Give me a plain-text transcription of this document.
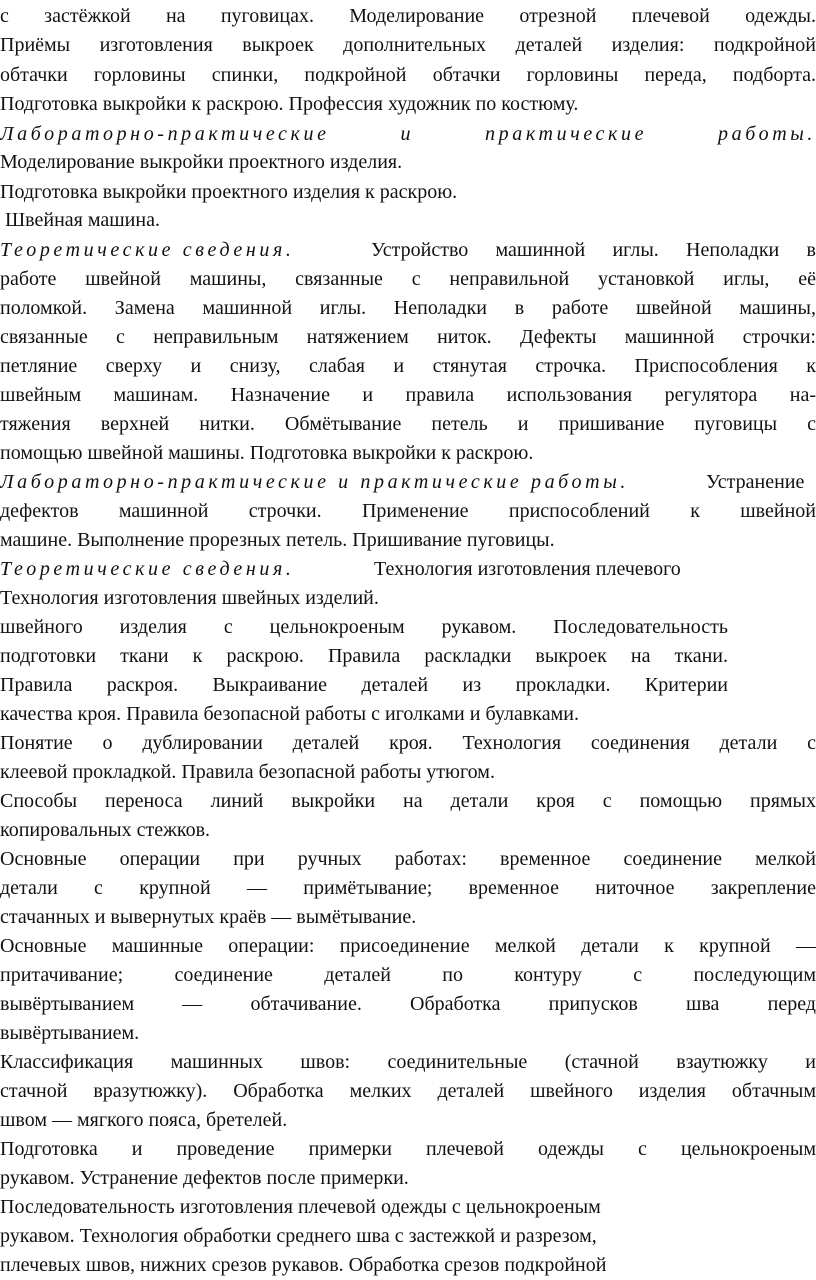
с застёжкой на пуговицах. Моделирование отрезной плечевой одежды.
Приёмы изготовления выкроек дополнительных деталей изделия: подкройной
обтачки горловины спинки, подкройной обтачки горловины переда, подборта.
Подготовка выкройки к раскрою. Профессия художник по костюму.
Лабораторно-практические и практические работы.
Моделирование выкройки проектного изделия.
Подготовка выкройки проектного изделия к раскрою.
Швейная машина.
Теоретические сведения.	Устройство машинной иглы. Неполадки в
работе швейной машины, связанные с неправильной установкой иглы, её
поломкой. Замена машинной иглы. Неполадки в работе швейной машины,
связанные с неправильным натяжением ниток. Дефекты машинной строчки:
петляние сверху и снизу, слабая и стянутая строчка. Приспособления к
швейным машинам. Назначение и правила использования регулятора на-
тяжения верхней нитки. Обмётывание петель и пришивание пуговицы с
помощью швейной машины. Подготовка выкройки к раскрою.
Лабораторно-практические и практические работы.	Устранение
дефектов машинной строчки. Применение приспособлений к швейной
машине. Выполнение прорезных петель. Пришивание пуговицы.
Теоретические сведения.	Технология изготовления плечевого
Технология изготовления швейных изделий.
швейного изделия с цельнокроеным рукавом. Последовательность
подготовки ткани к раскрою. Правила раскладки выкроек на ткани.
Правила раскроя. Выкраивание деталей из прокладки. Критерии
качества кроя. Правила безопасной работы с иголками и булавками.
Понятие о дублировании деталей кроя. Технология соединения детали с
клеевой прокладкой. Правила безопасной работы утюгом.
Способы переноса линий выкройки на детали кроя с помощью прямых
копировальных стежков.
Основные операции при ручных работах: временное соединение мелкой
детали с крупной — примётывание; временное ниточное закрепление
стачанных и вывернутых краёв — вымётывание.
Основные машинные операции: присоединение мелкой детали к крупной —
притачивание; соединение деталей по контуру с последующим
вывёртыванием — обтачивание. Обработка припусков шва перед
вывёртыванием.
Классификация машинных швов: соединительные (стачной взаутюжку и
стачной вразутюжку). Обработка мелких деталей швейного изделия обтачным
швом — мягкого пояса, бретелей.
Подготовка и проведение примерки плечевой одежды с цельнокроеным
рукавом. Устранение дефектов после примерки.
Последовательность изготовления плечевой одежды с цельнокроеным
рукавом. Технология обработки среднего шва с застежкой и разрезом,
плечевых швов, нижних срезов рукавов. Обработка срезов подкройной
